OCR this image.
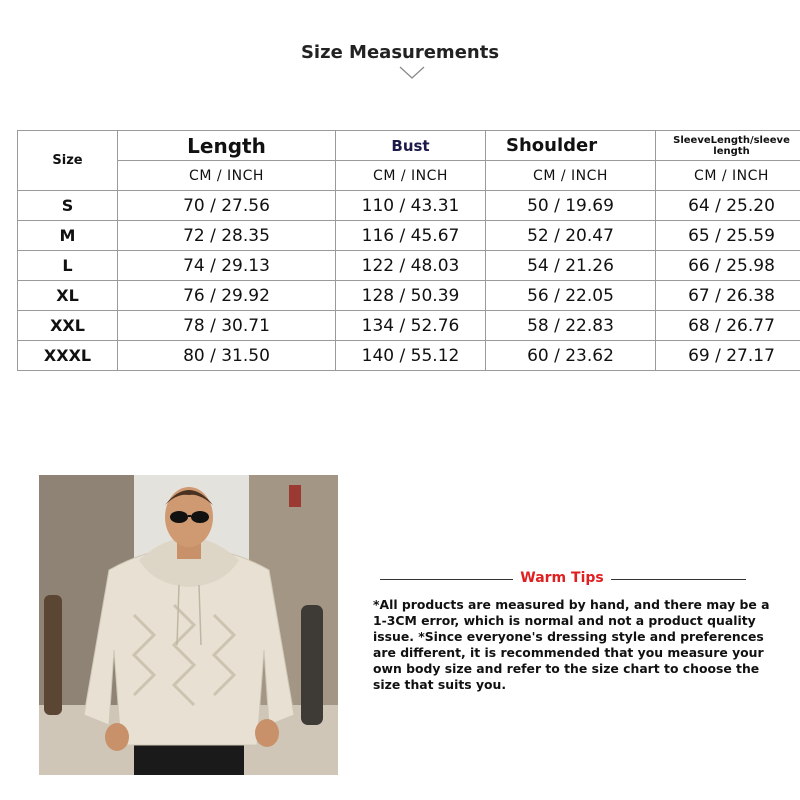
Size Measurements
Size	Length	Bust	Shoulder	SleeveLength/sleeve length
	CM / INCH	CM / INCH	CM / INCH	CM / INCH
S	70 / 27.56	110 / 43.31	50 / 19.69	64 / 25.20
M	72 / 28.35	116 / 45.67	52 / 20.47	65 / 25.59
L	74 / 29.13	122 / 48.03	54 / 21.26	66 / 25.98
XL	76 / 29.92	128 / 50.39	56 / 22.05	67 / 26.38
XXL	78 / 30.71	134 / 52.76	58 / 22.83	68 / 26.77
XXXL	80 / 31.50	140 / 55.12	60 / 23.62	69 / 27.17
Warm Tips
*All products are measured by hand, and there may be a 1-3CM error, which is normal and not a product quality issue. *Since everyone's dressing style and preferences are different, it is recommended that you measure your own body size and refer to the size chart to choose the size that suits you.
